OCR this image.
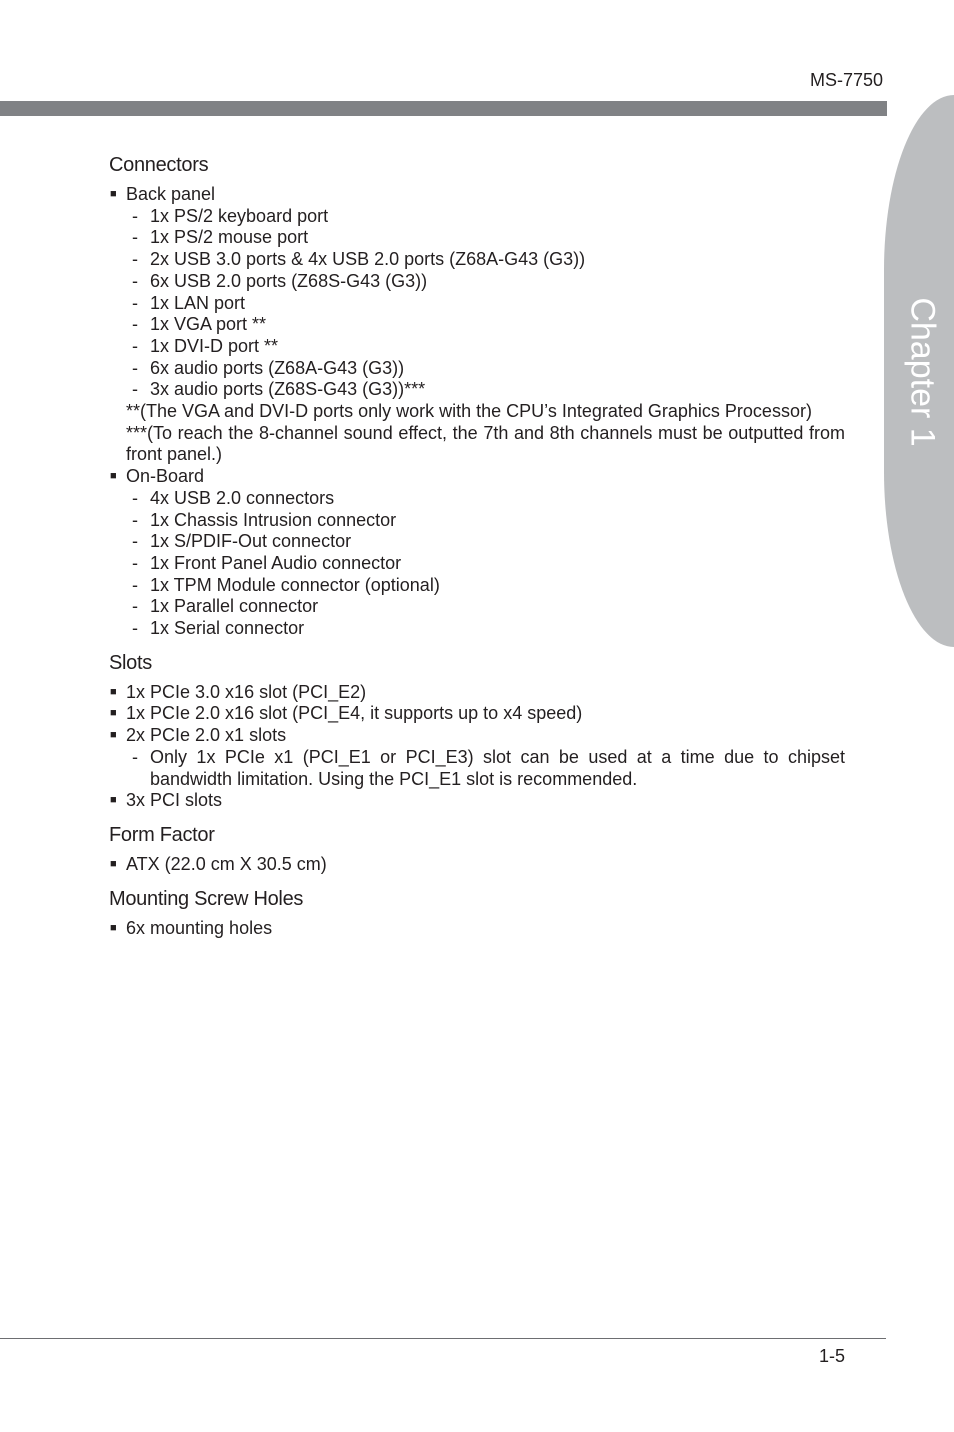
MS-7750
Chapter 1
Connectors
■ Back panel
- 1x PS/2 keyboard port
- 1x PS/2 mouse port
- 2x USB 3.0 ports & 4x USB 2.0 ports (Z68A-G43 (G3))
- 6x USB 2.0 ports (Z68S-G43 (G3))
- 1x LAN port
- 1x VGA port **
- 1x DVI-D port **
- 6x audio ports (Z68A-G43 (G3))
- 3x audio ports (Z68S-G43 (G3))***
**(The VGA and DVI-D ports only work with the CPU’s Integrated Graphics Processor)
***(To reach the 8-channel sound effect, the 7th and 8th channels must be outputted from front panel.)
■ On-Board
- 4x USB 2.0 connectors
- 1x Chassis Intrusion connector
- 1x S/PDIF-Out connector
- 1x Front Panel Audio connector
- 1x TPM Module connector (optional)
- 1x Parallel connector
- 1x Serial connector
Slots
■ 1x PCIe 3.0 x16 slot (PCI_E2)
■ 1x PCIe 2.0 x16 slot (PCI_E4, it supports up to x4 speed)
■ 2x PCIe 2.0 x1 slots
- Only 1x PCIe x1 (PCI_E1 or PCI_E3) slot can be used at a time due to chipset bandwidth limitation. Using the PCI_E1 slot is recommended.
■ 3x PCI slots
Form Factor
■ ATX (22.0 cm X 30.5 cm)
Mounting Screw Holes
■ 6x mounting holes
1-5
